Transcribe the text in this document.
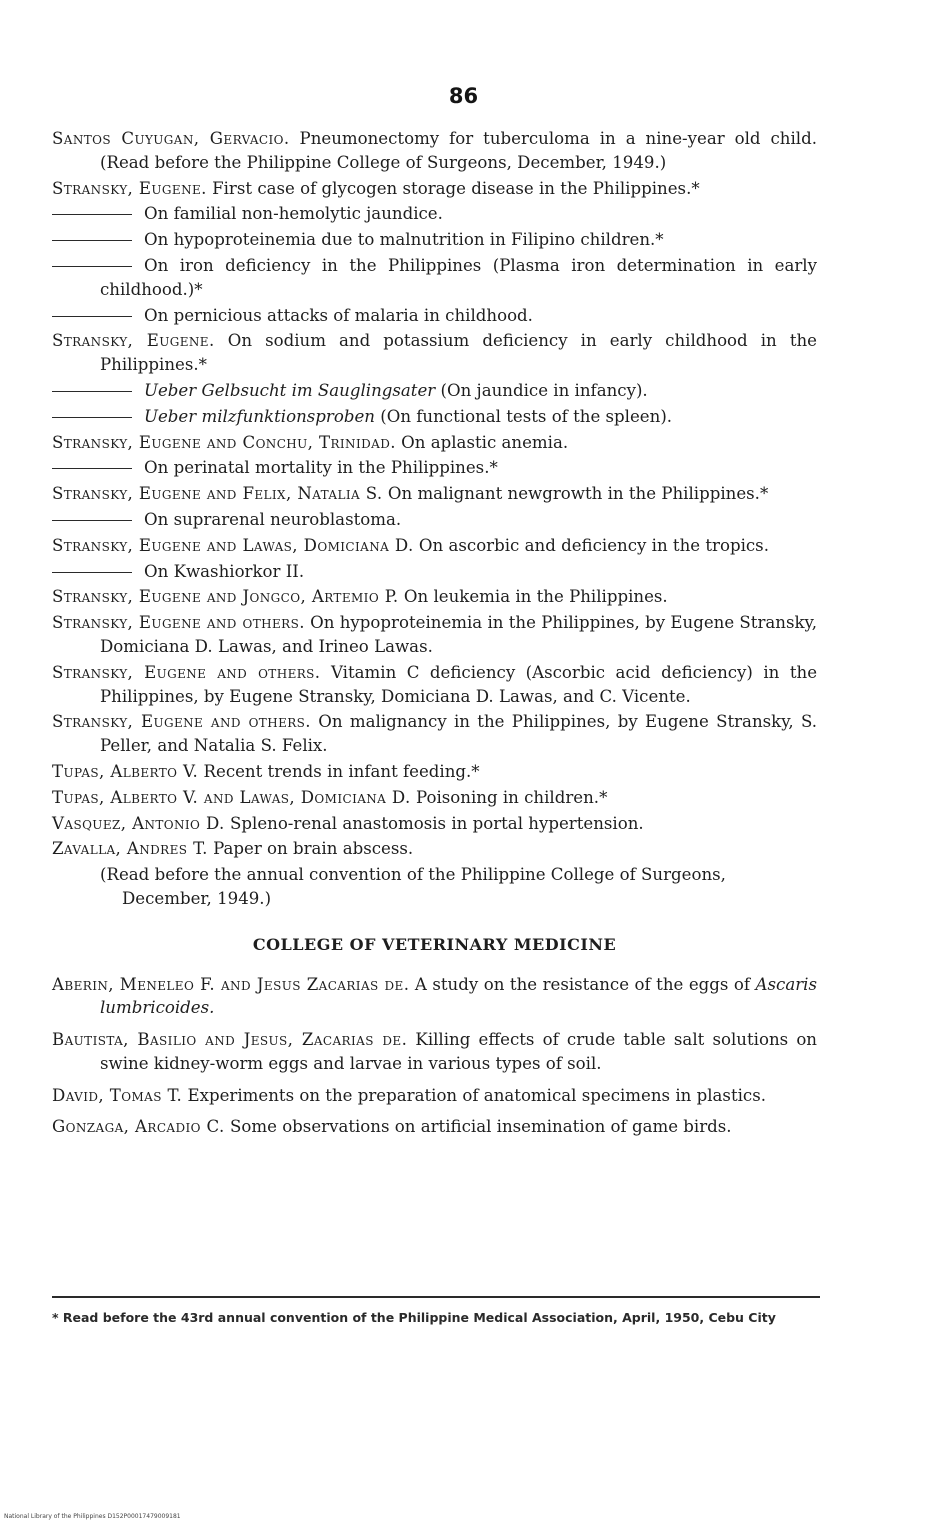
86

Santos Cuyugan, Gervacio. Pneumonectomy for tuberculoma in a nine-year old child. (Read before the Philippine College of Surgeons, December, 1949.)

Stransky, Eugene. First case of glycogen storage disease in the Philippines.*

On familial non-hemolytic jaundice.

On hypoproteinemia due to malnutrition in Filipino children.*

On iron deficiency in the Philippines (Plasma iron determination in early childhood.)*

On pernicious attacks of malaria in childhood.

Stransky, Eugene. On sodium and potassium deficiency in early childhood in the Philippines.*

Ueber Gelbsucht im Sauglingsater (On jaundice in infancy).

Ueber milzfunktionsproben (On functional tests of the spleen).

Stransky, Eugene and Conchu, Trinidad. On aplastic anemia.

On perinatal mortality in the Philippines.*

Stransky, Eugene and Felix, Natalia S. On malignant newgrowth in the Philippines.*

On suprarenal neuroblastoma.

Stransky, Eugene and Lawas, Domiciana D. On ascorbic and deficiency in the tropics.

On Kwashiorkor II.

Stransky, Eugene and Jongco, Artemio P. On leukemia in the Philippines.

Stransky, Eugene and others. On hypoproteinemia in the Philippines, by Eugene Stransky, Domiciana D. Lawas, and Irineo Lawas.

Stransky, Eugene and others. Vitamin C deficiency (Ascorbic acid deficiency) in the Philippines, by Eugene Stransky, Domiciana D. Lawas, and C. Vicente.

Stransky, Eugene and others. On malignancy in the Philippines, by Eugene Stransky, S. Peller, and Natalia S. Felix.

Tupas, Alberto V. Recent trends in infant feeding.*

Tupas, Alberto V. and Lawas, Domiciana D. Poisoning in children.*

Vasquez, Antonio D. Spleno-renal anastomosis in portal hypertension.

Zavalla, Andres T. Paper on brain abscess.

(Read before the annual convention of the Philippine College of Surgeons, December, 1949.)

COLLEGE OF VETERINARY MEDICINE

Aberin, Meneleo F. and Jesus Zacarias de. A study on the resistance of the eggs of Ascaris lumbricoides.

Bautista, Basilio and Jesus, Zacarias de. Killing effects of crude table salt solutions on swine kidney-worm eggs and larvae in various types of soil.

David, Tomas T. Experiments on the preparation of anatomical specimens in plastics.

Gonzaga, Arcadio C. Some observations on artificial insemination of game birds.

* Read before the 43rd annual convention of the Philippine Medical Association, April, 1950, Cebu City
National Library of the Philippines D152P00017479009181
